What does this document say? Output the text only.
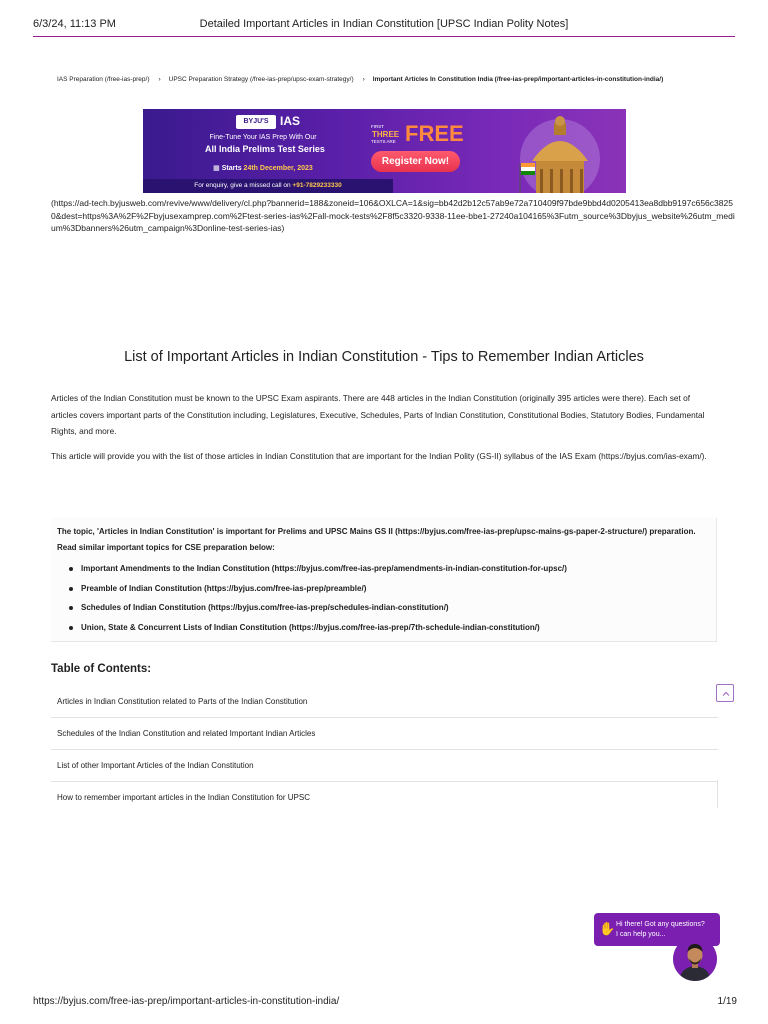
6/3/24, 11:13 PM	Detailed Important Articles in Indian Constitution [UPSC Indian Polity Notes]
IAS Preparation (/free-ias-prep/) › UPSC Preparation Strategy (/free-ias-prep/upsc-exam-strategy/) › Important Articles In Constitution India (/free-ias-prep/important-articles-in-constitution-india/)
BYJU'S IAS
Fine-Tune Your IAS Prep With Our
All India Prelims Test Series
▦ Starts 24th December, 2023
FIRST
THREE
TESTS ARE FREE
Register Now!
For enquiry, give a missed call on +91-7829233330
(https://ad-tech.byjusweb.com/revive/www/delivery/cl.php?bannerid=188&zoneid=106&OXLCA=1&sig=bb42d2b12c57ab9e72a710409f97bde9bbd4d0205413ea8dbb9197c656c38250&dest=https%3A%2F%2Fbyjusexamprep.com%2Ftest-series-ias%2Fall-mock-tests%2F8f5c3320-9338-11ee-bbe1-27240a104165%3Futm_source%3Dbyjus_website%26utm_medium%3Dbanners%26utm_campaign%3Donline-test-series-ias)
List of Important Articles in Indian Constitution - Tips to Remember Indian Articles

Articles of the Indian Constitution must be known to the UPSC Exam aspirants. There are 448 articles in the Indian Constitution (originally 395 articles were there). Each set of articles covers important parts of the Constitution including, Legislatures, Executive, Schedules, Parts of Indian Constitution, Constitutional Bodies, Statutory Bodies, Fundamental Rights, and more.

This article will provide you with the list of those articles in Indian Constitution that are important for the Indian Polity (GS-II) syllabus of the IAS Exam (https://byjus.com/ias-exam/).

The topic, 'Articles in Indian Constitution' is important for Prelims and UPSC Mains GS II (https://byjus.com/free-ias-prep/upsc-mains-gs-paper-2-structure/) preparation. Read similar important topics for CSE preparation below:
Important Amendments to the Indian Constitution (https://byjus.com/free-ias-prep/amendments-in-indian-constitution-for-upsc/)
Preamble of Indian Constitution (https://byjus.com/free-ias-prep/preamble/)
Schedules of Indian Constitution (https://byjus.com/free-ias-prep/schedules-indian-constitution/)
Union, State & Concurrent Lists of Indian Constitution (https://byjus.com/free-ias-prep/7th-schedule-indian-constitution/)
Table of Contents:
Articles in Indian Constitution related to Parts of the Indian Constitution
Schedules of the Indian Constitution and related Important Indian Articles
List of other Important Articles of the Indian Constitution
How to remember important articles in the Indian Constitution for UPSC
✋ Hi there! Got any questions?
I can help you...
https://byjus.com/free-ias-prep/important-articles-in-constitution-india/	1/19
